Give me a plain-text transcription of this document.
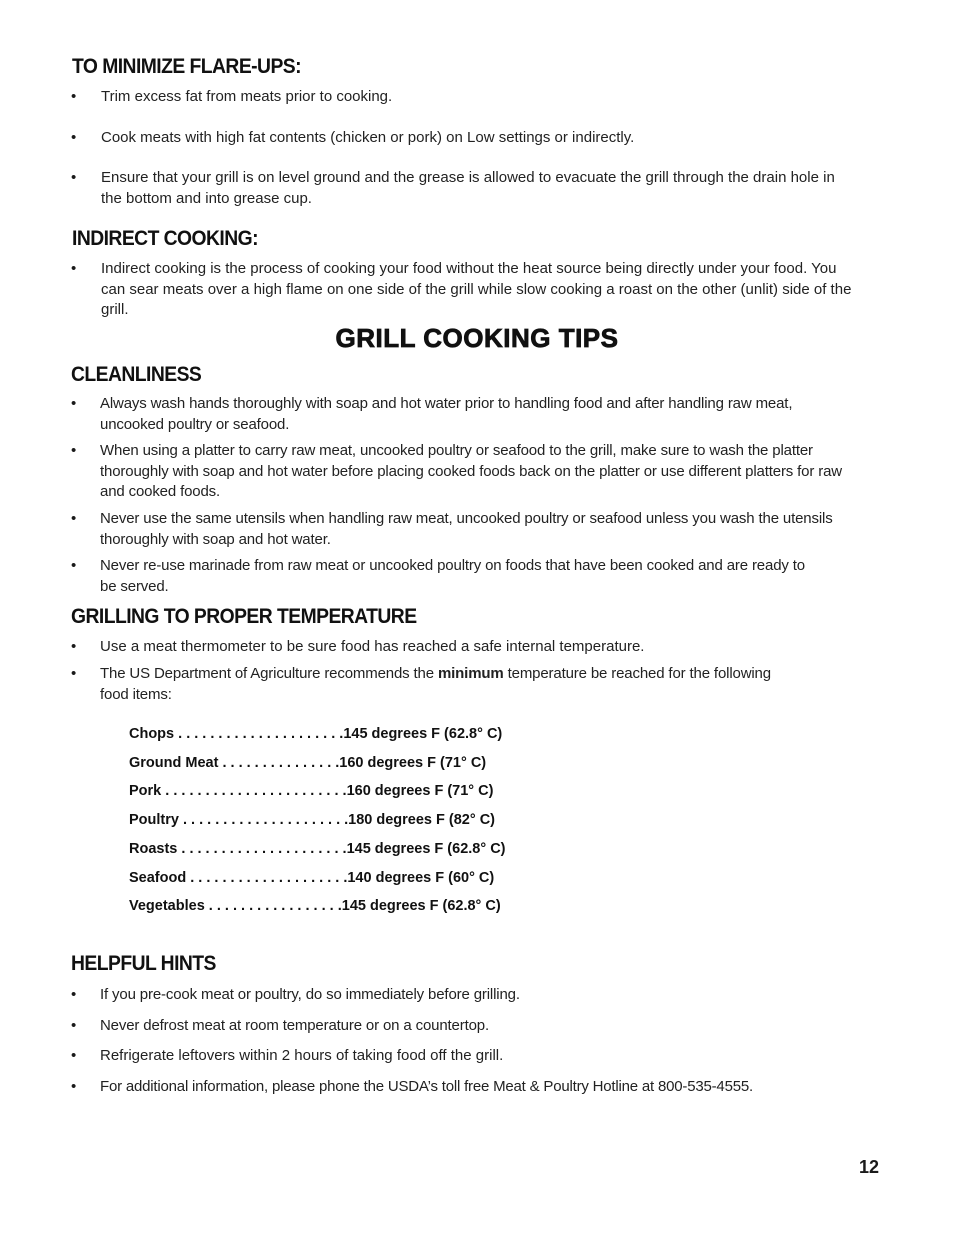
TO MINIMIZE FLARE-UPS:
• Trim excess fat from meats prior to cooking.
• Cook meats with high fat contents (chicken or pork) on Low settings or indirectly.
• Ensure that your grill is on level ground and the grease is allowed to evacuate the grill through the drain hole in the bottom and into grease cup.
INDIRECT COOKING:
• Indirect cooking is the process of cooking your food without the heat source being directly under your food. You can sear meats over a high flame on one side of the grill while slow cooking a roast on the other (unlit) side of the grill.
GRILL COOKING TIPS
CLEANLINESS
• Always wash hands thoroughly with soap and hot water prior to handling food and after handling raw meat, uncooked poultry or seafood.
• When using a platter to carry raw meat, uncooked poultry or seafood to the grill, make sure to wash the platter thoroughly with soap and hot water before placing cooked foods back on the platter or use different platters for raw and cooked foods.
• Never use the same utensils when handling raw meat, uncooked poultry or seafood unless you wash the utensils thoroughly with soap and hot water.
• Never re-use marinade from raw meat or uncooked poultry on foods that have been cooked and are ready to be served.
GRILLING TO PROPER TEMPERATURE
• Use a meat thermometer to be sure food has reached a safe internal temperature.
• The US Department of Agriculture recommends the minimum temperature be reached for the following food items:
Chops . . . . . . . . . . . . . . . . . . . . .145 degrees F (62.8° C)
Ground Meat . . . . . . . . . . . . . . .160 degrees F (71° C)
Pork . . . . . . . . . . . . . . . . . . . . . . .160 degrees F (71° C)
Poultry . . . . . . . . . . . . . . . . . . . . .180 degrees F (82° C)
Roasts . . . . . . . . . . . . . . . . . . . . .145 degrees F (62.8° C)
Seafood . . . . . . . . . . . . . . . . . . . .140 degrees F (60° C)
Vegetables . . . . . . . . . . . . . . . . .145 degrees F (62.8° C)
HELPFUL HINTS
• If you pre-cook meat or poultry, do so immediately before grilling.
• Never defrost meat at room temperature or on a countertop.
• Refrigerate leftovers within 2 hours of taking food off the grill.
• For additional information, please phone the USDA’s toll free Meat & Poultry Hotline at 800-535-4555.
12
